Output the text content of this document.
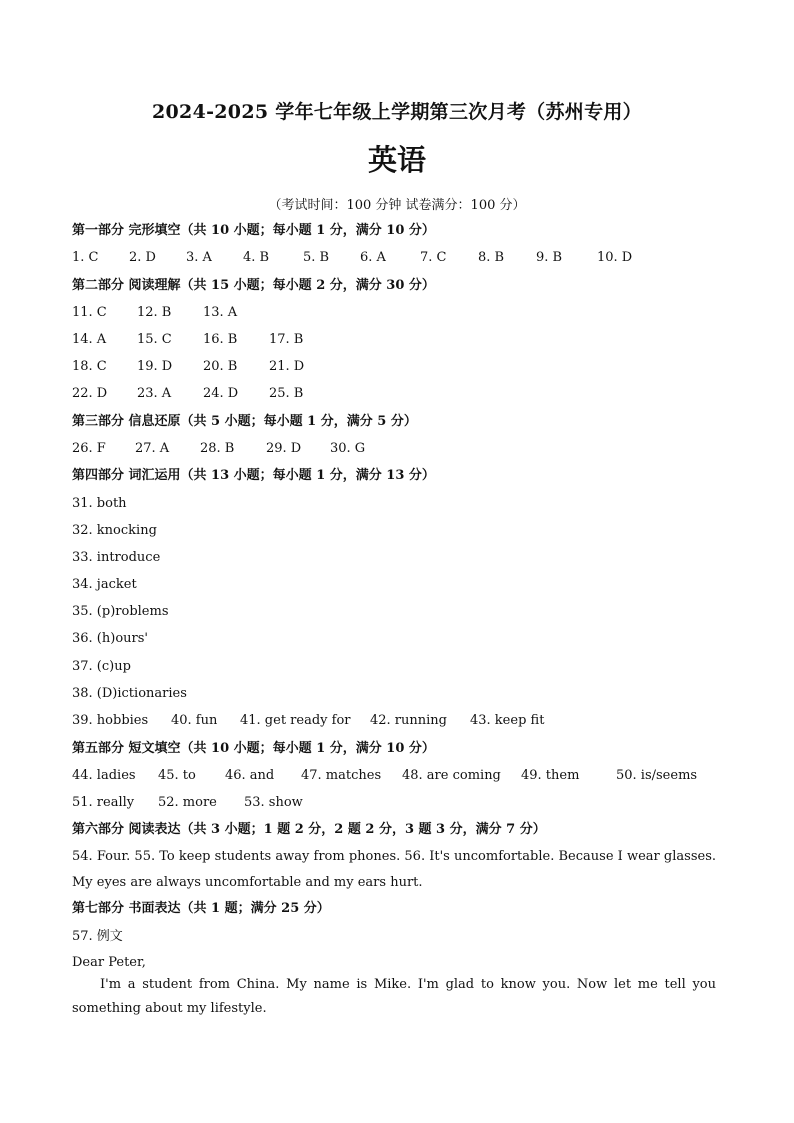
2024-2025 学年七年级上学期第三次月考（苏州专用）
英语
（考试时间：100 分钟 试卷满分：100 分）
第一部分 完形填空（共 10 小题；每小题 1 分，满分 10 分）
1. C 2. D 3. A 4. B	5. B 6. A	7. C 8. B 9. B	10. D
第二部分 阅读理解（共 15 小题；每小题 2 分，满分 30 分）
11. C 12. B 13. A
14. A 15. C 16. B 17. B
18. C 19. D 20. B 21. D
22. D 23. A 24. D 25. B
第三部分 信息还原（共 5 小题；每小题 1 分，满分 5 分）
26. F 27. A 28. B 29. D 30. G
第四部分 词汇运用（共 13 小题；每小题 1 分，满分 13 分）
31. both
32. knocking
33. introduce
34. jacket
35. (p)roblems
36. (h)ours'
37. (c)up
38. (D)ictionaries
39. hobbies 40. fun 41. get ready for 42. running 43. keep fit
第五部分 短文填空（共 10 小题；每小题 1 分，满分 10 分）
44. ladies 45. to 46. and 47. matches 48. are coming 49. them	50. is/seems
51. really 52. more 53. show
第六部分 阅读表达（共 3 小题；1 题 2 分，2 题 2 分，3 题 3 分，满分 7 分）
54. Four. 55. To keep students away from phones. 56. It's uncomfortable. Because I wear glasses. My eyes are always uncomfortable and my ears hurt.
第七部分 书面表达（共 1 题；满分 25 分）
57. 例文
Dear Peter,
I'm a student from China. My name is Mike. I'm glad to know you. Now let me tell you something about my lifestyle.
